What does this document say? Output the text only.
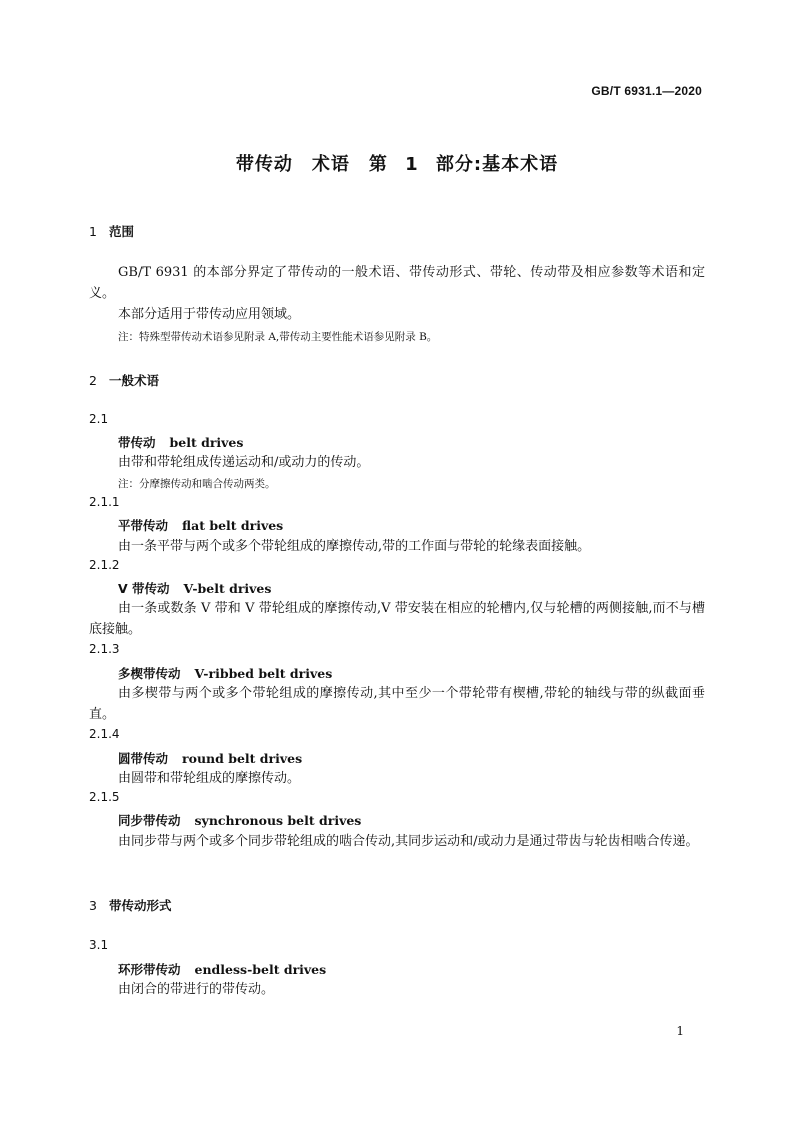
GB/T 6931.1—2020
带传动　术语　第 1 部分:基本术语
1 范围
GB/T 6931 的本部分界定了带传动的一般术语、带传动形式、带轮、传动带及相应参数等术语和定义。
本部分适用于带传动应用领域。
注：特殊型带传动术语参见附录 A,带传动主要性能术语参见附录 B。
2 一般术语
2.1
带传动 belt drives
由带和带轮组成传递运动和/或动力的传动。
注：分摩擦传动和啮合传动两类。
2.1.1
平带传动 flat belt drives
由一条平带与两个或多个带轮组成的摩擦传动,带的工作面与带轮的轮缘表面接触。
2.1.2
V 带传动 V-belt drives
由一条或数条 V 带和 V 带轮组成的摩擦传动,V 带安装在相应的轮槽内,仅与轮槽的两侧接触,而不与槽底接触。
2.1.3
多楔带传动 V-ribbed belt drives
由多楔带与两个或多个带轮组成的摩擦传动,其中至少一个带轮带有楔槽,带轮的轴线与带的纵截面垂直。
2.1.4
圆带传动 round belt drives
由圆带和带轮组成的摩擦传动。
2.1.5
同步带传动 synchronous belt drives
由同步带与两个或多个同步带轮组成的啮合传动,其同步运动和/或动力是通过带齿与轮齿相啮合传递。
3 带传动形式
3.1
环形带传动 endless-belt drives
由闭合的带进行的带传动。
1
